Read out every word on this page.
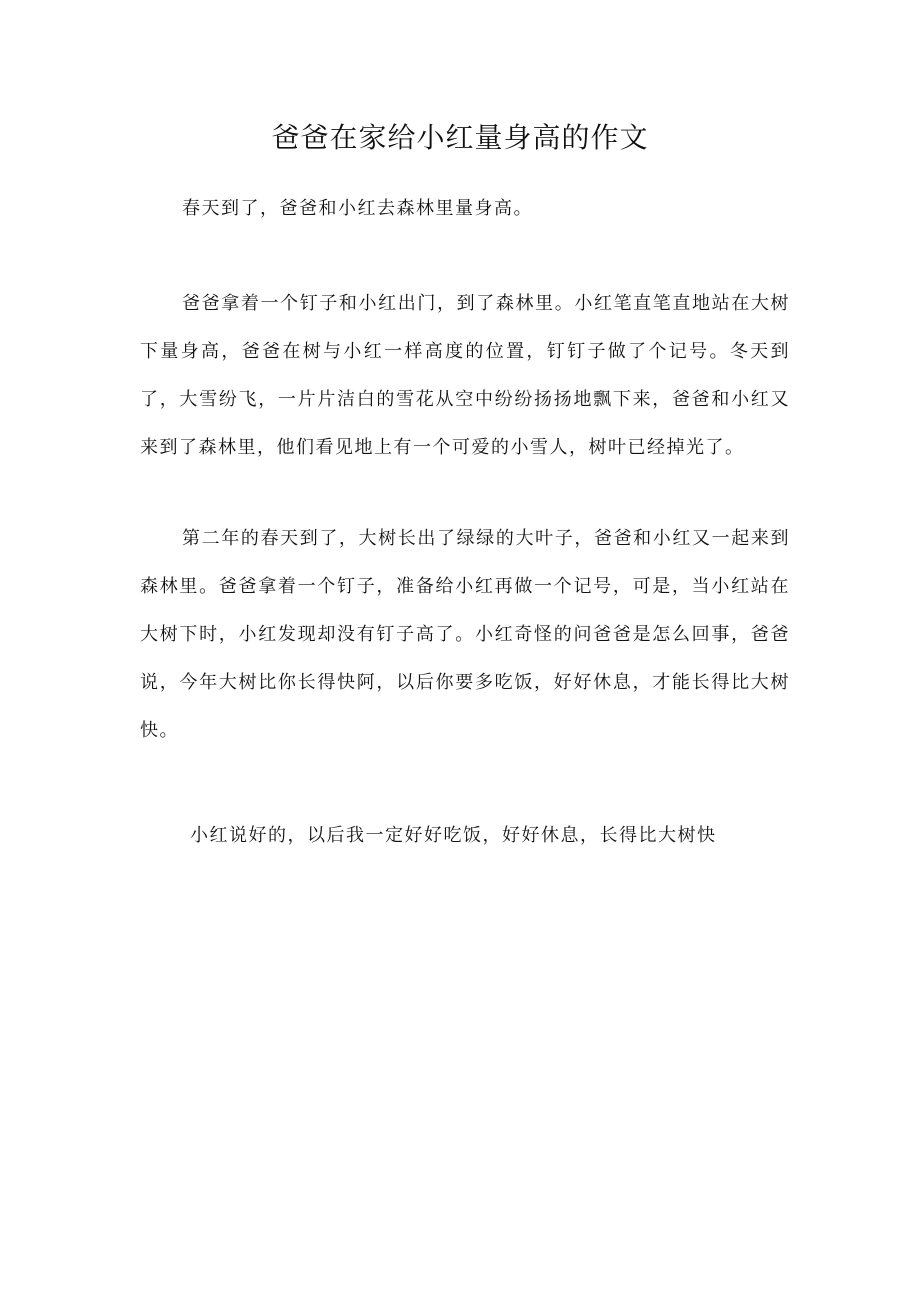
爸爸在家给小红量身高的作文

春天到了，爸爸和小红去森林里量身高。

爸爸拿着一个钉子和小红出门，到了森林里。小红笔直笔直地站在大树下量身高，爸爸在树与小红一样高度的位置，钉钉子做了个记号。冬天到了，大雪纷飞，一片片洁白的雪花从空中纷纷扬扬地飘下来，爸爸和小红又来到了森林里，他们看见地上有一个可爱的小雪人，树叶已经掉光了。

第二年的春天到了，大树长出了绿绿的大叶子，爸爸和小红又一起来到森林里。爸爸拿着一个钉子，准备给小红再做一个记号，可是，当小红站在大树下时，小红发现却没有钉子高了。小红奇怪的问爸爸是怎么回事，爸爸说，今年大树比你长得快阿，以后你要多吃饭，好好休息，才能长得比大树快。

小红说好的，以后我一定好好吃饭，好好休息，长得比大树快
